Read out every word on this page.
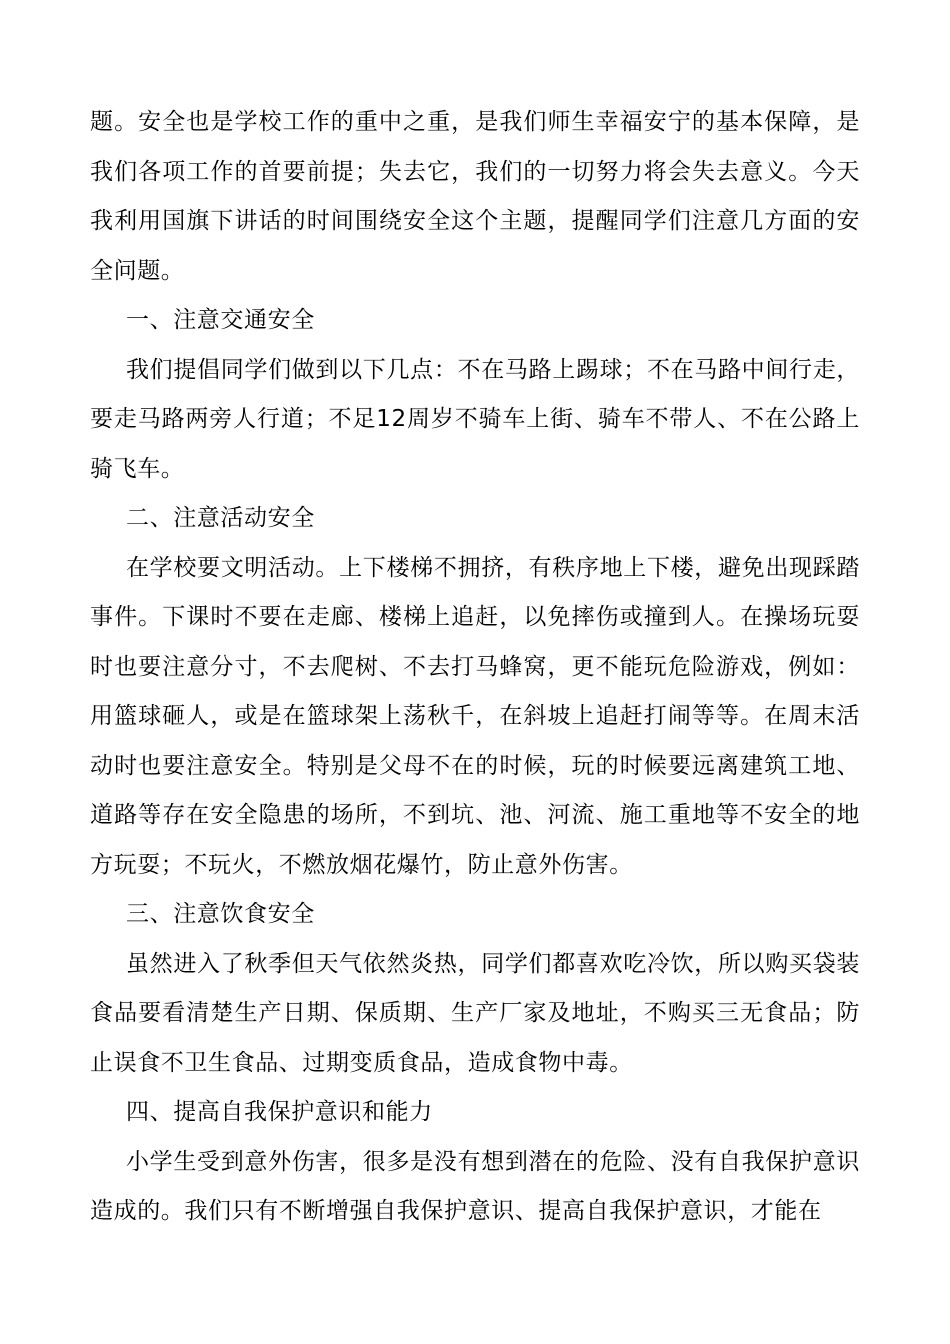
题。安全也是学校工作的重中之重，是我们师生幸福安宁的基本保障，是我们各项工作的首要前提；失去它，我们的一切努力将会失去意义。今天我利用国旗下讲话的时间围绕安全这个主题，提醒同学们注意几方面的安全问题。

一、注意交通安全

我们提倡同学们做到以下几点：不在马路上踢球；不在马路中间行走，要走马路两旁人行道；不足12周岁不骑车上街、骑车不带人、不在公路上骑飞车。

二、注意活动安全

在学校要文明活动。上下楼梯不拥挤，有秩序地上下楼，避免出现踩踏事件。下课时不要在走廊、楼梯上追赶，以免摔伤或撞到人。在操场玩耍时也要注意分寸，不去爬树、不去打马蜂窝，更不能玩危险游戏，例如：用篮球砸人，或是在篮球架上荡秋千，在斜坡上追赶打闹等等。在周末活动时也要注意安全。特别是父母不在的时候，玩的时候要远离建筑工地、道路等存在安全隐患的场所，不到坑、池、河流、施工重地等不安全的地方玩耍；不玩火，不燃放烟花爆竹，防止意外伤害。

三、注意饮食安全

虽然进入了秋季但天气依然炎热，同学们都喜欢吃冷饮，所以购买袋装食品要看清楚生产日期、保质期、生产厂家及地址，不购买三无食品；防止误食不卫生食品、过期变质食品，造成食物中毒。

四、提高自我保护意识和能力

小学生受到意外伤害，很多是没有想到潜在的危险、没有自我保护意识造成的。我们只有不断增强自我保护意识、提高自我保护意识，才能在
